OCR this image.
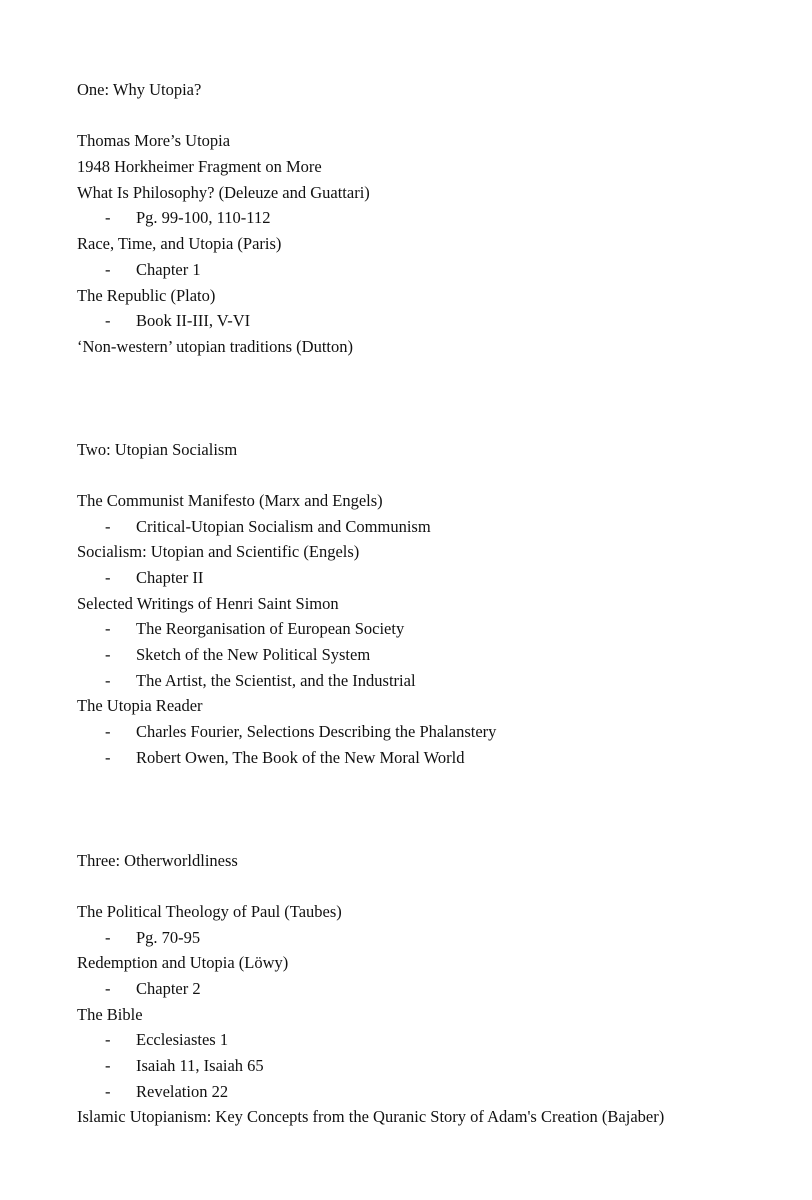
One: Why Utopia?
Thomas More’s Utopia
1948 Horkheimer Fragment on More
What Is Philosophy? (Deleuze and Guattari)
-	Pg. 99-100, 110-112
Race, Time, and Utopia (Paris)
-	Chapter 1
The Republic (Plato)
-	Book II-III, V-VI
‘Non-western’ utopian traditions (Dutton)
Two: Utopian Socialism
The Communist Manifesto (Marx and Engels)
-	Critical-Utopian Socialism and Communism
Socialism: Utopian and Scientific (Engels)
-	Chapter II
Selected Writings of Henri Saint Simon
-	The Reorganisation of European Society
-	Sketch of the New Political System
-	The Artist, the Scientist, and the Industrial
The Utopia Reader
-	Charles Fourier, Selections Describing the Phalanstery
-	Robert Owen, The Book of the New Moral World
Three: Otherworldliness
The Political Theology of Paul (Taubes)
-	Pg. 70-95
Redemption and Utopia (Löwy)
-	Chapter 2
The Bible
-	Ecclesiastes 1
-	Isaiah 11, Isaiah 65
-	Revelation 22
Islamic Utopianism: Key Concepts from the Quranic Story of Adam's Creation (Bajaber)
